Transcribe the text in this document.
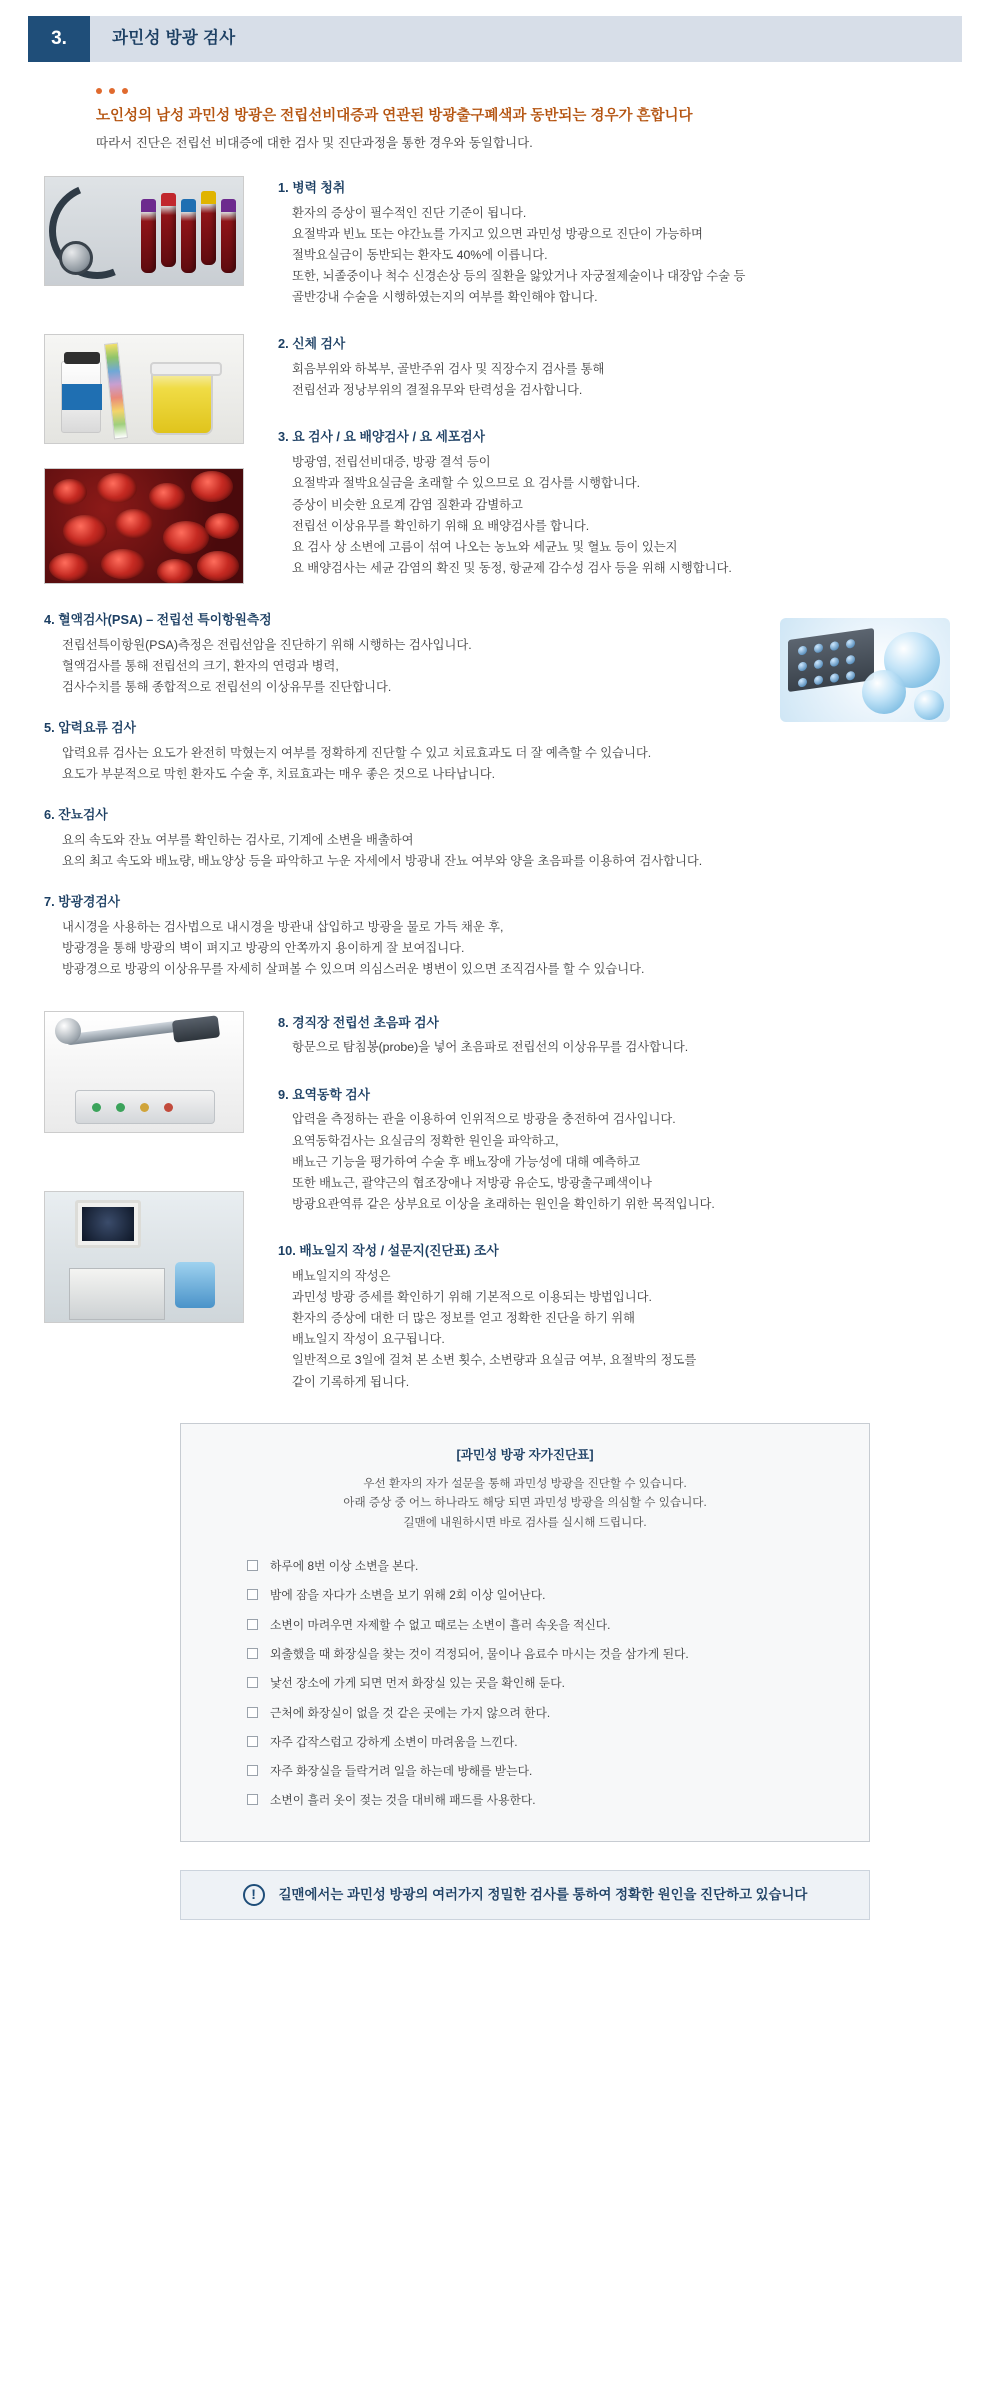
3.	과민성 방광 검사
노인성의 남성 과민성 방광은 전립선비대증과 연관된 방광출구폐색과 동반되는 경우가 흔합니다
따라서 진단은 전립선 비대증에 대한 검사 및 진단과정을 통한 경우와 동일합니다.
1. 병력 청취
환자의 증상이 필수적인 진단 기준이 됩니다.
요절박과 빈뇨 또는 야간뇨를 가지고 있으면 과민성 방광으로 진단이 가능하며
절박요실금이 동반되는 환자도 40%에 이릅니다.
또한, 뇌졸중이나 척수 신경손상 등의 질환을 앓았거나 자궁절제술이나 대장암 수술 등
골반강내 수술을 시행하였는지의 여부를 확인해야 합니다.
2. 신체 검사
회음부위와 하복부, 골반주위 검사 및 직장수지 검사를 통해
전립선과 정낭부위의 결절유무와 탄력성을 검사합니다.
3. 요 검사 / 요 배양검사 / 요 세포검사
방광염, 전립선비대증, 방광 결석 등이
요절박과 절박요실금을 초래할 수 있으므로 요 검사를 시행합니다.
증상이 비슷한 요로계 감염 질환과 감별하고
전립선 이상유무를 확인하기 위해 요 배양검사를 합니다.
요 검사 상 소변에 고름이 섞여 나오는 농뇨와 세균뇨 및 혈뇨 등이 있는지
요 배양검사는 세균 감염의 확진 및 동정, 항균제 감수성 검사 등을 위해 시행합니다.
4. 혈액검사(PSA) – 전립선 특이항원측정
전립선특이항원(PSA)측정은 전립선암을 진단하기 위해 시행하는 검사입니다.
혈액검사를 통해 전립선의 크기, 환자의 연령과 병력,
검사수치를 통해 종합적으로 전립선의 이상유무를 진단합니다.
5. 압력요류 검사
압력요류 검사는 요도가 완전히 막혔는지 여부를 정확하게 진단할 수 있고 치료효과도 더 잘 예측할 수 있습니다.
요도가 부분적으로 막힌 환자도 수술 후, 치료효과는 매우 좋은 것으로 나타납니다.
6. 잔뇨검사
요의 속도와 잔뇨 여부를 확인하는 검사로, 기계에 소변을 배출하여
요의 최고 속도와 배뇨량, 배뇨양상 등을 파악하고 누운 자세에서 방광내 잔뇨 여부와 양을 초음파를 이용하여 검사합니다.
7. 방광경검사
내시경을 사용하는 검사법으로 내시경을 방관내 삽입하고 방광을 물로 가득 채운 후,
방광경을 통해 방광의 벽이 펴지고 방광의 안쪽까지 용이하게 잘 보여집니다.
방광경으로 방광의 이상유무를 자세히 살펴볼 수 있으며 의심스러운 병변이 있으면 조직검사를 할 수 있습니다.
8. 경직장 전립선 초음파 검사
항문으로 탐침봉(probe)을 넣어 초음파로 전립선의 이상유무를 검사합니다.
9. 요역동학 검사
압력을 측정하는 관을 이용하여 인위적으로 방광을 충전하여 검사입니다.
요역동학검사는 요실금의 정확한 원인을 파악하고,
배뇨근 기능을 평가하여 수술 후 배뇨장애 가능성에 대해 예측하고
또한 배뇨근, 괄약근의 협조장애나 저방광 유순도, 방광출구폐색이나
방광요관역류 같은 상부요로 이상을 초래하는 원인을 확인하기 위한 목적입니다.
10. 배뇨일지 작성 / 설문지(진단표) 조사
배뇨일지의 작성은
과민성 방광 증세를 확인하기 위해 기본적으로 이용되는 방법입니다.
환자의 증상에 대한 더 많은 정보를 얻고 정확한 진단을 하기 위해
배뇨일지 작성이 요구됩니다.
일반적으로 3일에 걸쳐 본 소변 횟수, 소변량과 요실금 여부, 요절박의 정도를
같이 기록하게 됩니다.
[과민성 방광 자가진단표]
우선 환자의 자가 설문을 통해 과민성 방광을 진단할 수 있습니다.
아래 증상 중 어느 하나라도 해당 되면 과민성 방광을 의심할 수 있습니다.
길맨에 내원하시면 바로 검사를 실시해 드립니다.
하루에 8번 이상 소변을 본다.
밤에 잠을 자다가 소변을 보기 위해 2회 이상 일어난다.
소변이 마려우면 자제할 수 없고 때로는 소변이 흘러 속옷을 적신다.
외출했을 때 화장실을 찾는 것이 걱정되어, 물이나 음료수 마시는 것을 삼가게 된다.
낯선 장소에 가게 되면 먼저 화장실 있는 곳을 확인해 둔다.
근처에 화장실이 없을 것 같은 곳에는 가지 않으려 한다.
자주 갑작스럽고 강하게 소변이 마려움을 느낀다.
자주 화장실을 들락거려 일을 하는데 방해를 받는다.
소변이 흘러 옷이 젖는 것을 대비해 패드를 사용한다.
!	길맨에서는 과민성 방광의 여러가지 정밀한 검사를 통하여 정확한 원인을 진단하고 있습니다
